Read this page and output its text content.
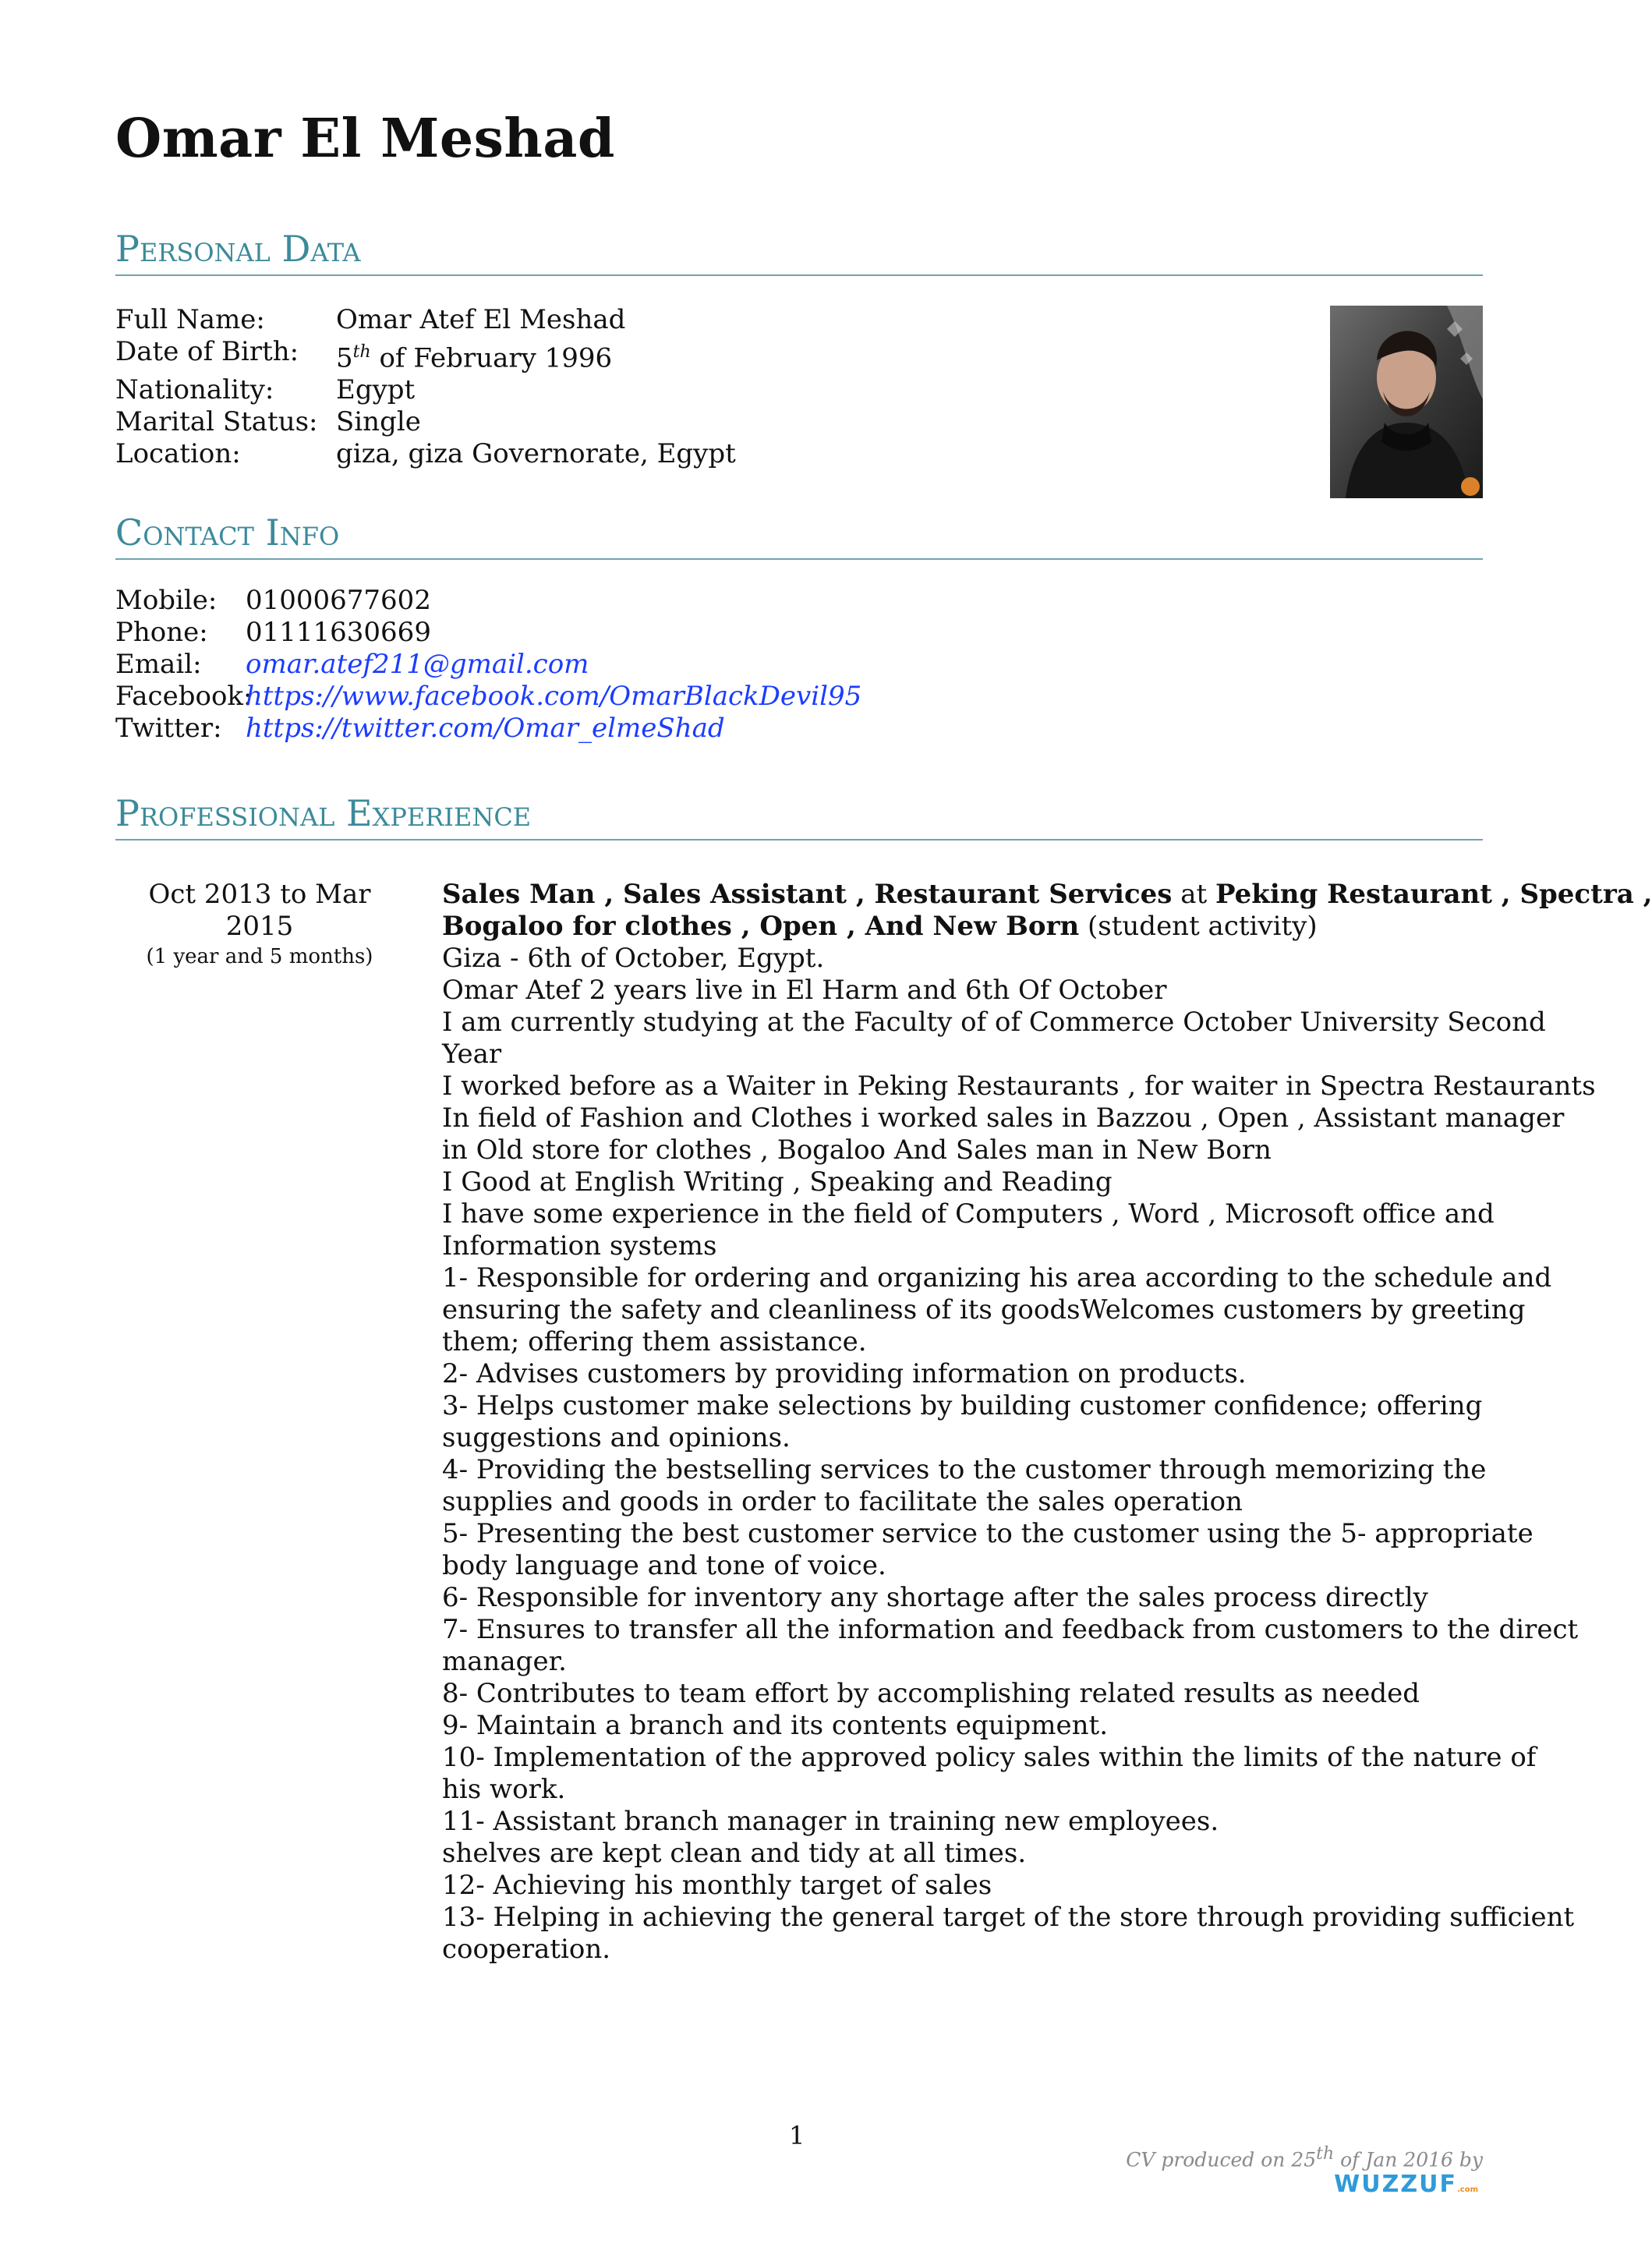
Omar El Meshad
Personal Data
Full Name:	Omar Atef El Meshad
Date of Birth:	5th of February 1996
Nationality:	Egypt
Marital Status: Single
Location:	giza, giza Governorate, Egypt
Contact Info
Mobile:	01000677602
Phone:	01111630669
Email:	omar.atef211@gmail.com
Facebook:
https://www.facebook.com/OmarBlackDevil95
Twitter: https://twitter.com/Omar_elmeShad
Professional Experience
Oct 2013 to Mar 2015
(1 year and 5 months)
Sales Man , Sales Assistant , Restaurant Services at Peking Restaurant , Spectra ,
Bogaloo for clothes , Open , And New Born (student activity)
Giza - 6th of October, Egypt.
Omar Atef 2 years live in El Harm and 6th Of October
I am currently studying at the Faculty of of Commerce October University Second
Year
I worked before as a Waiter in Peking Restaurants , for waiter in Spectra Restaurants
In field of Fashion and Clothes i worked sales in Bazzou , Open , Assistant manager
in Old store for clothes , Bogaloo And Sales man in New Born
I Good at English Writing , Speaking and Reading
I have some experience in the field of Computers , Word , Microsoft office and
Information systems
1- Responsible for ordering and organizing his area according to the schedule and
ensuring the safety and cleanliness of its goodsWelcomes customers by greeting
them; offering them assistance.
2- Advises customers by providing information on products.
3- Helps customer make selections by building customer confidence; offering
suggestions and opinions.
4- Providing the bestselling services to the customer through memorizing the
supplies and goods in order to facilitate the sales operation
5- Presenting the best customer service to the customer using the 5- appropriate
body language and tone of voice.
6- Responsible for inventory any shortage after the sales process directly
7- Ensures to transfer all the information and feedback from customers to the direct
manager.
8- Contributes to team effort by accomplishing related results as needed
9- Maintain a branch and its contents equipment.
10- Implementation of the approved policy sales within the limits of the nature of
his work.
11- Assistant branch manager in training new employees.
shelves are kept clean and tidy at all times.
12- Achieving his monthly target of sales
13- Helping in achieving the general target of the store through providing sufficient
cooperation.
1
CV produced on 25th of Jan 2016 by
WUZZUF.com
